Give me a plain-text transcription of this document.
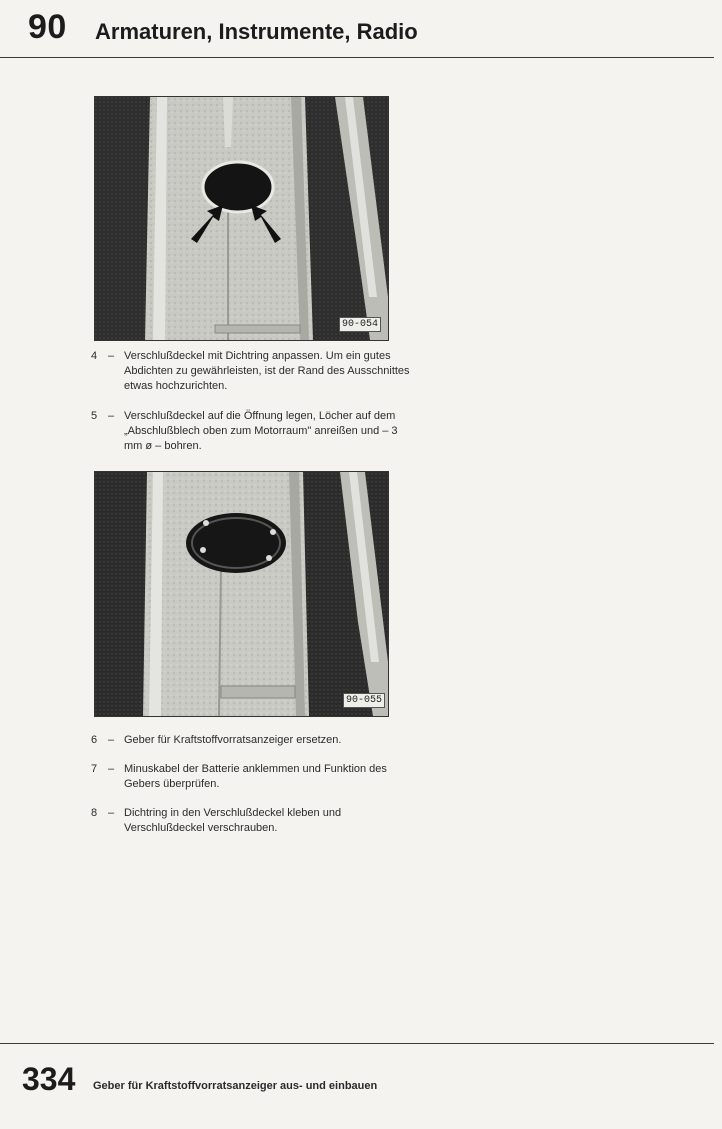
90 Armaturen, Instrumente, Radio
90-054
4 – Verschlußdeckel mit Dichtring anpassen. Um ein gutes Abdichten zu gewährleisten, ist der Rand des Ausschnittes etwas hochzurichten.
5 – Verschlußdeckel auf die Öffnung legen, Löcher auf dem „Abschlußblech oben zum Motorraum" anreißen und – 3 mm ø – bohren.
90-055
6 – Geber für Kraftstoffvorratsanzeiger ersetzen.
7 – Minuskabel der Batterie anklemmen und Funktion des Gebers überprüfen.
8 – Dichtring in den Verschlußdeckel kleben und Verschlußdeckel verschrauben.
334 Geber für Kraftstoffvorratsanzeiger aus- und einbauen
